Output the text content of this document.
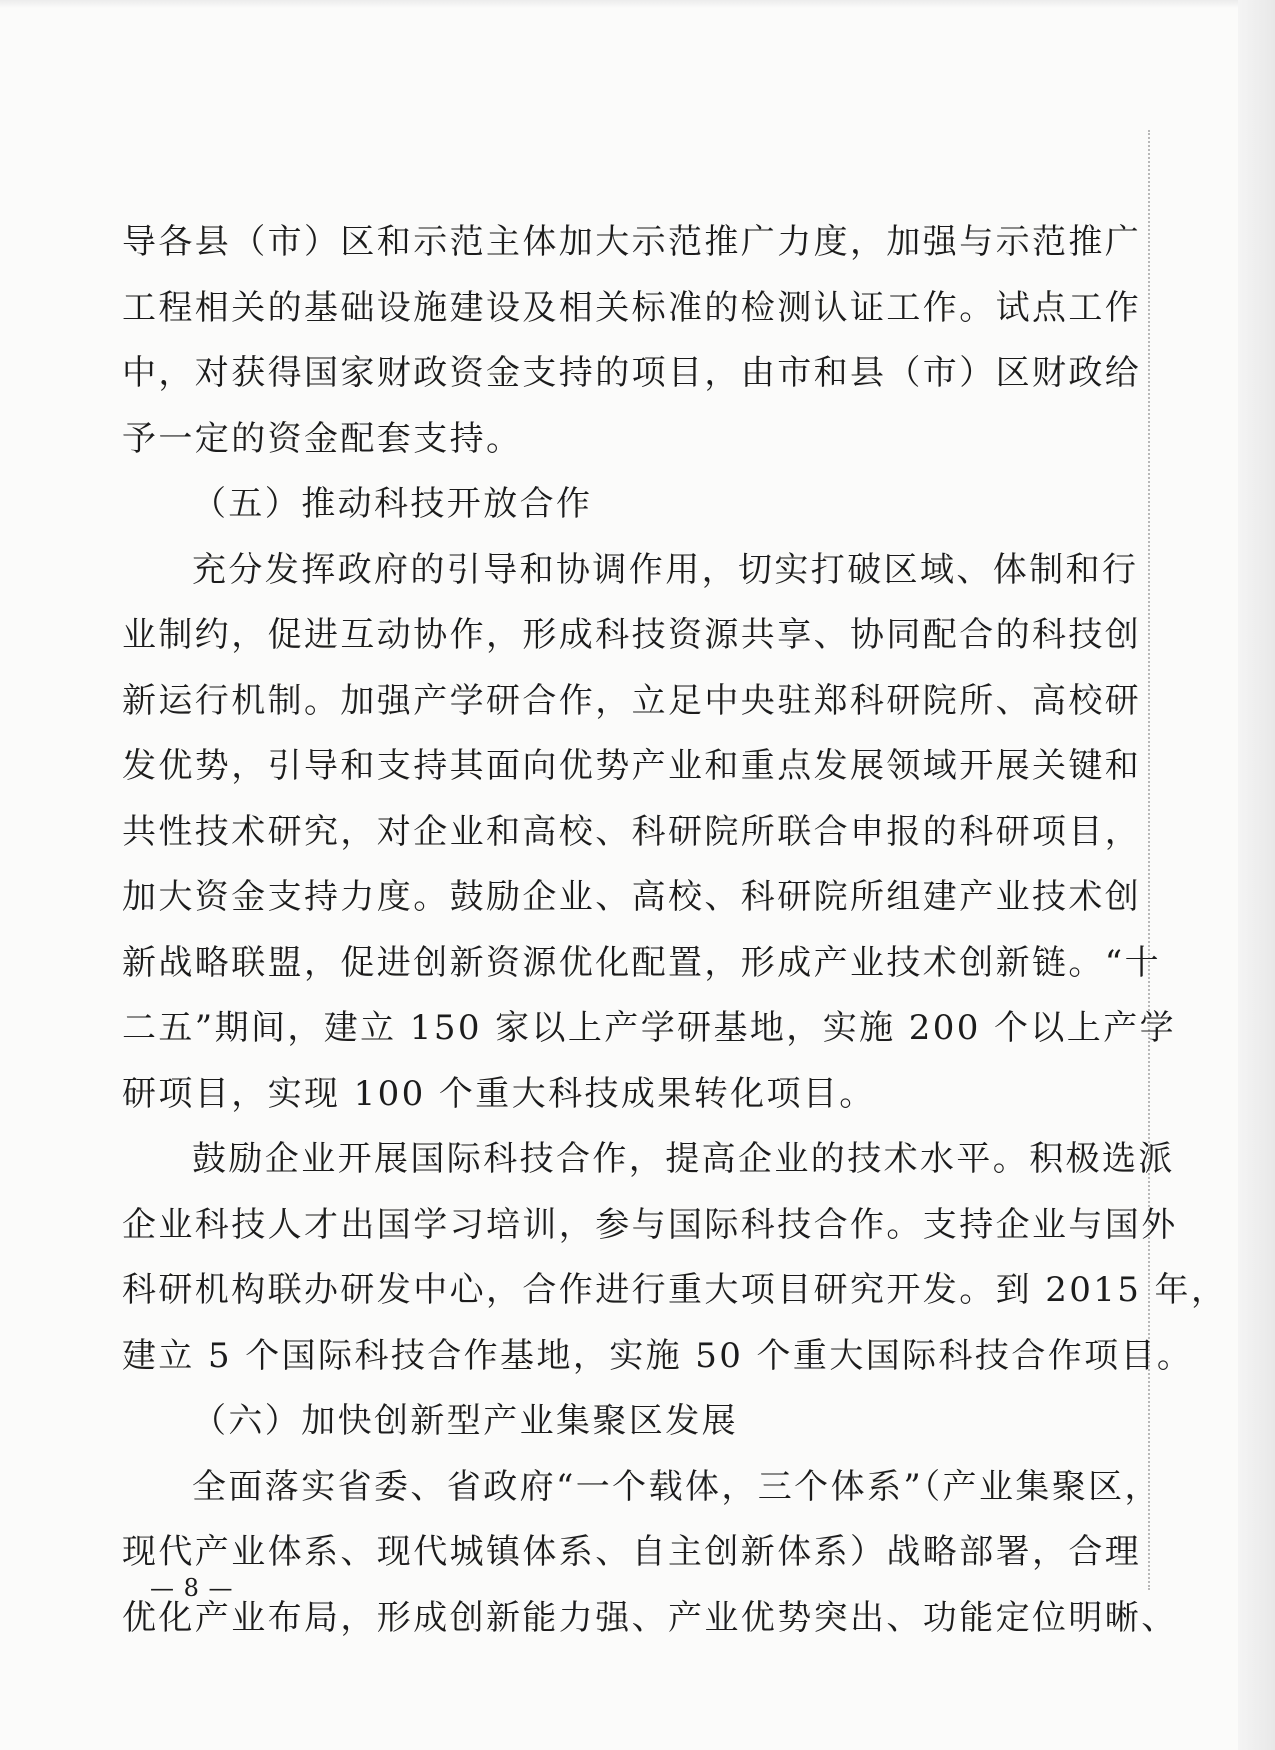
导各县（市）区和示范主体加大示范推广力度，加强与示范推广
工程相关的基础设施建设及相关标准的检测认证工作。试点工作
中，对获得国家财政资金支持的项目，由市和县（市）区财政给
予一定的资金配套支持。
（五）推动科技开放合作
充分发挥政府的引导和协调作用，切实打破区域、体制和行
业制约，促进互动协作，形成科技资源共享、协同配合的科技创
新运行机制。加强产学研合作，立足中央驻郑科研院所、高校研
发优势，引导和支持其面向优势产业和重点发展领域开展关键和
共性技术研究，对企业和高校、科研院所联合申报的科研项目，
加大资金支持力度。鼓励企业、高校、科研院所组建产业技术创
新战略联盟，促进创新资源优化配置，形成产业技术创新链。“十
二五”期间，建立 150 家以上产学研基地，实施 200 个以上产学
研项目，实现 100 个重大科技成果转化项目。
鼓励企业开展国际科技合作，提高企业的技术水平。积极选派
企业科技人才出国学习培训，参与国际科技合作。支持企业与国外
科研机构联办研发中心，合作进行重大项目研究开发。到 2015 年，
建立 5 个国际科技合作基地，实施 50 个重大国际科技合作项目。
（六）加快创新型产业集聚区发展
全面落实省委、省政府“一个载体，三个体系”（产业集聚区，
现代产业体系、现代城镇体系、自主创新体系）战略部署，合理
优化产业布局，形成创新能力强、产业优势突出、功能定位明晰、
— 8 —
